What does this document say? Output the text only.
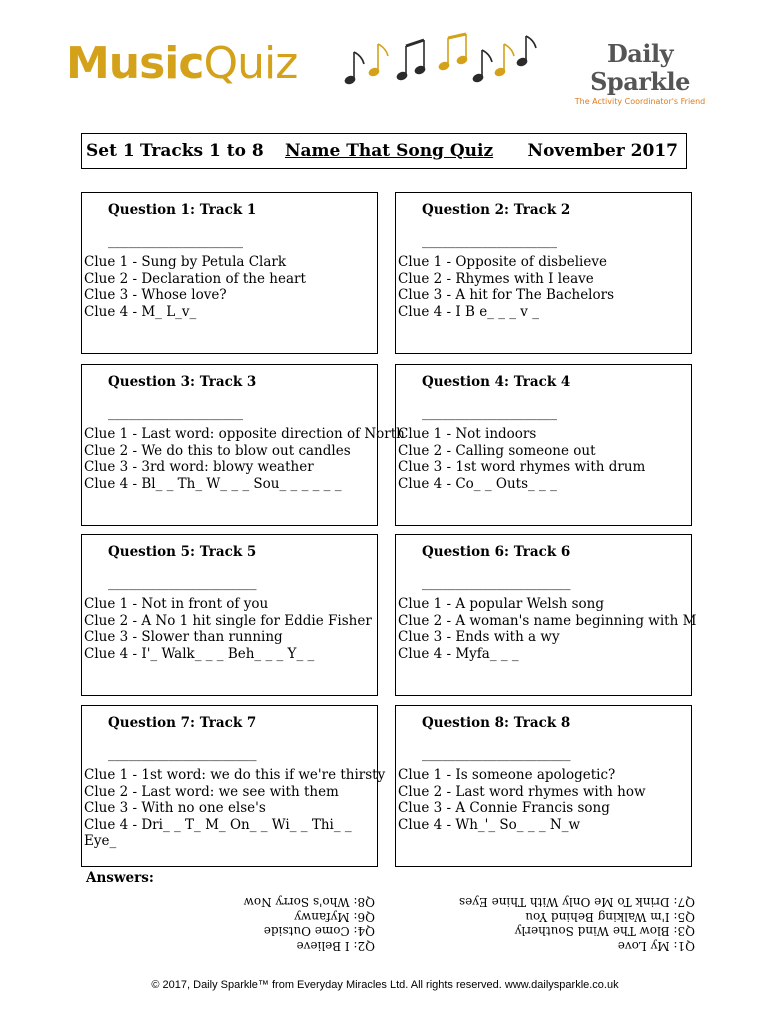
Music Quiz	Daily Sparkle
The Activity Coordinator's Friend
Set 1 Tracks 1 to 8 Name That Song Quiz November 2017
Question 1: Track 1
____________________
Clue 1 - Sung by Petula Clark
Clue 2 - Declaration of the heart
Clue 3 - Whose love?
Clue 4 - M_ L_v_
Question 2: Track 2
____________________
Clue 1 - Opposite of disbelieve
Clue 2 - Rhymes with I leave
Clue 3 - A hit for The Bachelors
Clue 4 - I B e_ _ _ v _
Question 3: Track 3
____________________
Clue 1 - Last word: opposite direction of North
Clue 2 - We do this to blow out candles
Clue 3 - 3rd word: blowy weather
Clue 4 - Bl_ _ Th_ W_ _ _ Sou_ _ _ _ _ _
Question 4: Track 4
____________________
Clue 1 - Not indoors
Clue 2 - Calling someone out
Clue 3 - 1st word rhymes with drum
Clue 4 - Co_ _ Outs_ _ _
Question 5: Track 5
______________________
Clue 1 - Not in front of you
Clue 2 - A No 1 hit single for Eddie Fisher
Clue 3 - Slower than running
Clue 4 - I'_ Walk_ _ _ Beh_ _ _ Y_ _
Question 6: Track 6
______________________
Clue 1 - A popular Welsh song
Clue 2 - A woman's name beginning with M
Clue 3 - Ends with a wy
Clue 4 - Myfa_ _ _
Question 7: Track 7
______________________
Clue 1 - 1st word: we do this if we're thirsty
Clue 2 - Last word: we see with them
Clue 3 - With no one else's
Clue 4 - Dri_ _ T_ M_ On_ _ Wi_ _ Thi_ _ Eye_
Question 8: Track 8
______________________
Clue 1 - Is someone apologetic?
Clue 2 - Last word rhymes with how
Clue 3 - A Connie Francis song
Clue 4 - Wh_'_ So_ _ _ N_w
Answers:
Q1: My Love
Q3: Blow The Wind Southerly
Q5: I'm Walking Behind You
Q7: Drink To Me Only With Thine Eyes
Q2: I Believe
Q4: Come Outside
Q6: Myfanwy
Q8: Who's Sorry Now
© 2017, Daily Sparkle™ from Everyday Miracles Ltd. All rights reserved. www.dailysparkle.co.uk
